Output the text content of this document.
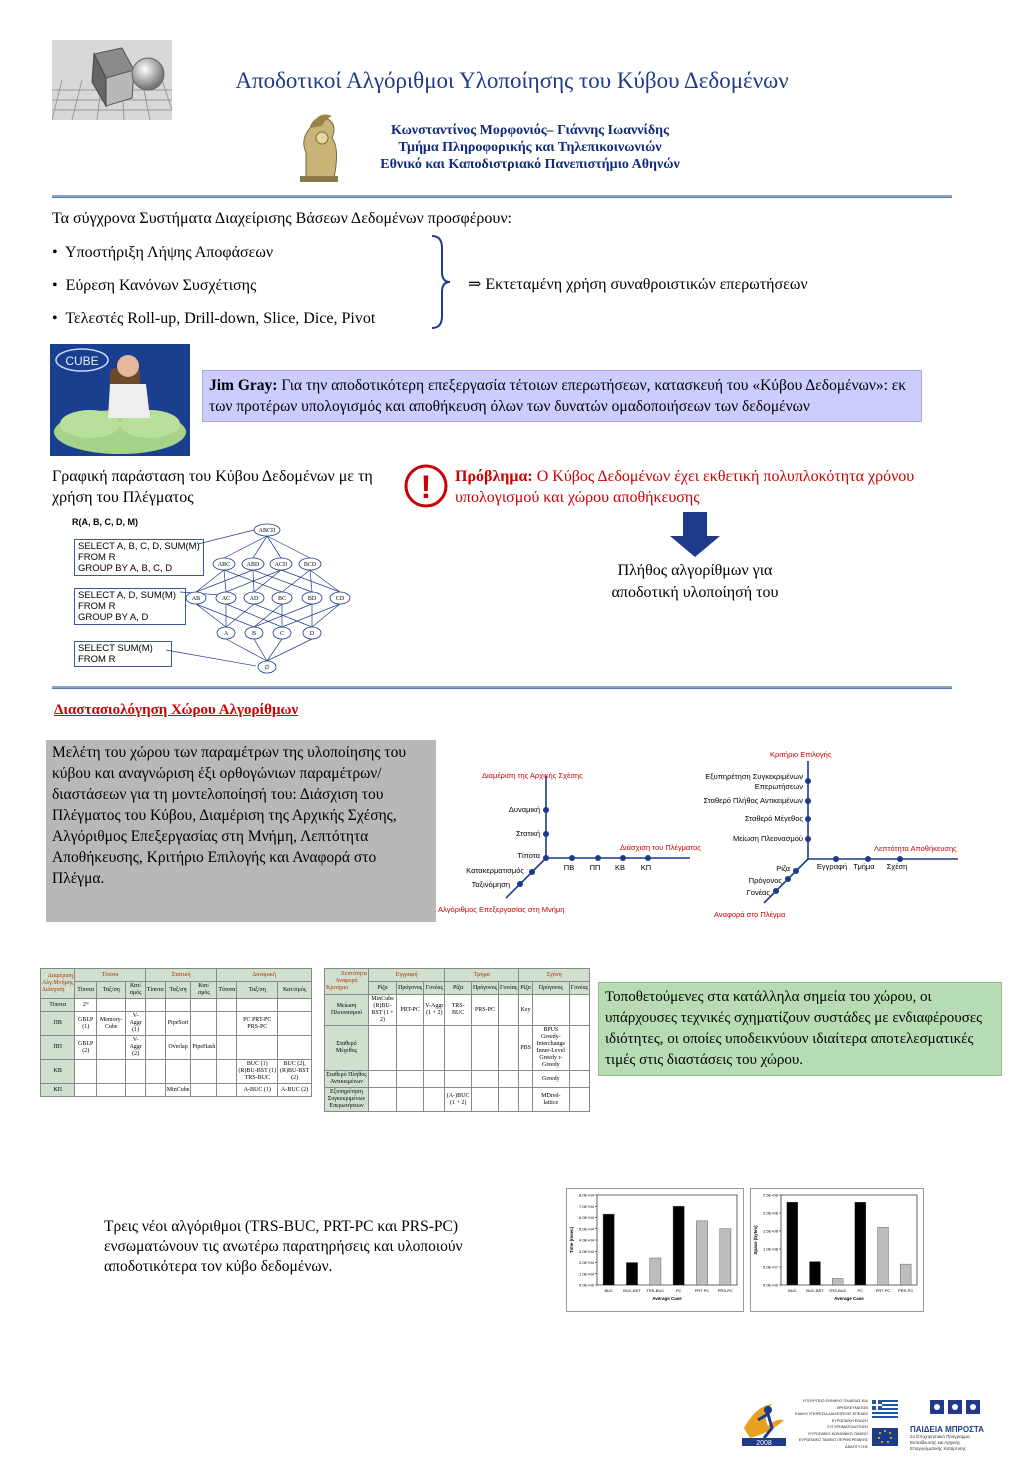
Αποδοτικοί Αλγόριθμοι Υλοποίησης του Κύβου Δεδομένων
Κωνσταντίνος Μορφονιός– Γιάννης Ιωαννίδης
Τμήμα Πληροφορικής και Τηλεπικοινωνιών
Εθνικό και Καποδιστριακό Πανεπιστήμιο Αθηνών
Τα σύγχρονα Συστήματα Διαχείρισης Βάσεων Δεδομένων προσφέρουν:
• Υποστήριξη Λήψης Αποφάσεων
• Εύρεση Κανόνων Συσχέτισης
• Τελεστές Roll-up, Drill-down, Slice, Dice, Pivot
⇒ Εκτεταμένη χρήση συναθροιστικών επερωτήσεων
CUBE
Jim Gray: Για την αποδοτικότερη επεξεργασία τέτοιων επερωτήσεων, κατασκευή του «Κύβου Δεδομένων»: εκ των προτέρων υπολογισμός και αποθήκευση όλων των δυνατών ομαδοποιήσεων των δεδομένων
Γραφική παράσταση του Κύβου Δεδομένων με τη χρήση του Πλέγματος
R(A, B, C, D, M)
SELECT A, B, C, D, SUM(M)
FROM R
GROUP BY A, B, C, D
SELECT A, D, SUM(M)
FROM R
GROUP BY A, D
SELECT SUM(M)
FROM R
ABCD
ABC	ABD	ACD	BCD
AB	AC	AD	BC	BD	CD
A	B	C	D
∅
! Πρόβλημα: Ο Κύβος Δεδομένων έχει εκθετική πολυπλοκότητα χρόνου υπολογισμού και χώρου αποθήκευσης
Πλήθος αλγορίθμων για αποδοτική υλοποίησή του
Διαστασιολόγηση Χώρου Αλγορίθμων
Μελέτη του χώρου των παραμέτρων της υλοποίησης του κύβου και αναγνώριση έξι ορθογώνιων παραμέτρων/διαστάσεων για τη μοντελοποίησή του: Διάσχιση του Πλέγματος του Κύβου, Διαμέριση της Αρχικής Σχέσης, Αλγόριθμος Επεξεργασίας στη Μνήμη, Λεπτότητα Αποθήκευσης, Κριτήριο Επιλογής και Αναφορά στο Πλέγμα.
Διαμέριση της Αρχικής Σχέσης
Δυναμική
Στατική
Τίποτα
Διάσχιση του Πλέγματος
ΠΒ ΠΠ ΚΒ ΚΠ
Κατακερματισμός
Ταξινόμηση
Αλγόριθμος Επεξεργασίας στη Μνήμη
Κριτήριο Επιλογής
Εξυπηρέτηση Συγκεκριμένων
Επερωτήσεων
Σταθερό Πλήθος Αντικειμένων
Σταθερό Μέγεθος
Μείωση Πλεονασμού
Λεπτότητα Αποθήκευσης
Εγγραφή Τμήμα Σχέση
Ρίζα
Πρόγονος
Γονέας
Αναφορά στο Πλέγμα
Διαμέριση
Αλγ.Μνήμης
Διάσχιση	Τίποτα			Στατική			Δυναμική		
	Τίποτα	Ταξ/ση	Κατ/σμός	Τίποτα	Ταξ/ση	Κατ/σμός	Τίποτα	Ταξ/ση	Κατ/σμός
Τίποτα	2ᴺ								
ΠΒ	GBLP (1)	Memory-Cube	V-Aggr (1)		PipeSort			PC PRT-PC PRS-PC	
ΠΠ	GBLP (2)		V-Aggr (2)		Overlap	PipeHash			
ΚΒ								BUC (1) (R)BU-BST (1) TRS-BUC	BUC (2), (R)BU-BST (2)
ΚΠ					MinCube			A-BUC (1)	A-BUC (2)
Λεπτότητα
Αναφορά
Κριτήριο	Εγγραφή			Τμήμα			Σχέση		
	Ρίζα	Πρόγονος	Γονέας	Ρίζα	Πρόγονος	Γονέας	Ρίζα	Πρόγονος	Γονέας
Μείωση Πλεονασμού	MinCube (R)BU-BST (1 + 2)	PRT-PC	V-Aggr (1 + 2)	TRS-BUC	PRS-PC		Key		
Σταθερό Μέγεθος							PBS	BPUS Greedy-Interchange Inner-Level Greedy r-Greedy	
Σταθερό Πλήθος Αντικειμένων								Greedy	
Εξυπηρέτηση Συγκεκριμένων Επερωτήσεων				(A-)BUC (1 + 2)				MDred-lattice	
Τοποθετούμενες στα κατάλληλα σημεία του χώρου, οι υπάρχουσες τεχνικές σχηματίζουν συστάδες με ενδιαφέρουσες ιδιότητες, οι οποίες υποδεικνύουν ιδιαίτερα αποτελεσματικές τιμές στις διαστάσεις του χώρου.
Τρεις νέοι αλγόριθμοι (TRS-BUC, PRT-PC και PRS-PC) ενσωματώνουν τις ανωτέρω παρατηρήσεις και υλοποιούν αποδοτικότερα τον κύβο δεδομένων.
0.0E+00
1.0E+04
2.0E+04
3.0E+04
4.0E+04
5.0E+04
6.0E+04
7.0E+04
8.0E+04
BUC	BUC-BST TRS-BUC	PC	PRT-PC PRS-PC
Average Case
Time (msec)
0.0E+00
5.0E+07
1.0E+08
1.5E+08
2.0E+08
2.5E+08
BUC BUC-BST TRS-BUC	PC	PRT-PC PRS-PC
Average Case
Space (bytes)
2008
ΥΠΟΥΡΓΕΙΟ ΕΘΝΙΚΗΣ ΠΑΙΔΕΙΑΣ ΚΑΙ ΘΡΗΣΚΕΥΜΑΤΩΝ
ΕΙΔΙΚΗ ΥΠΗΡΕΣΙΑ ΔΙΑΧΕΙΡΙΣΗΣ ΕΠΕΑΕΚ
ΕΥΡΩΠΑΪΚΗ ΕΝΩΣΗ
ΣΥΓΧΡΗΜΑΤΟΔΟΤΗΣΗ
ΕΥΡΩΠΑΪΚΟ ΚΟΙΝΩΝΙΚΟ ΤΑΜΕΙΟ
ΕΥΡΩΠΑΪΚΟ ΤΑΜΕΙΟ ΠΕΡΙΦΕΡΕΙΑΚΗΣ ΑΝΑΠΤΥΞΗΣ
ΠΑΙΔΕΙΑ ΜΠΡΟΣΤΑ
2ο Επιχειρησιακό Πρόγραμμα
Εκπαίδευσης και Αρχικής
Επαγγελματικής Κατάρτισης
